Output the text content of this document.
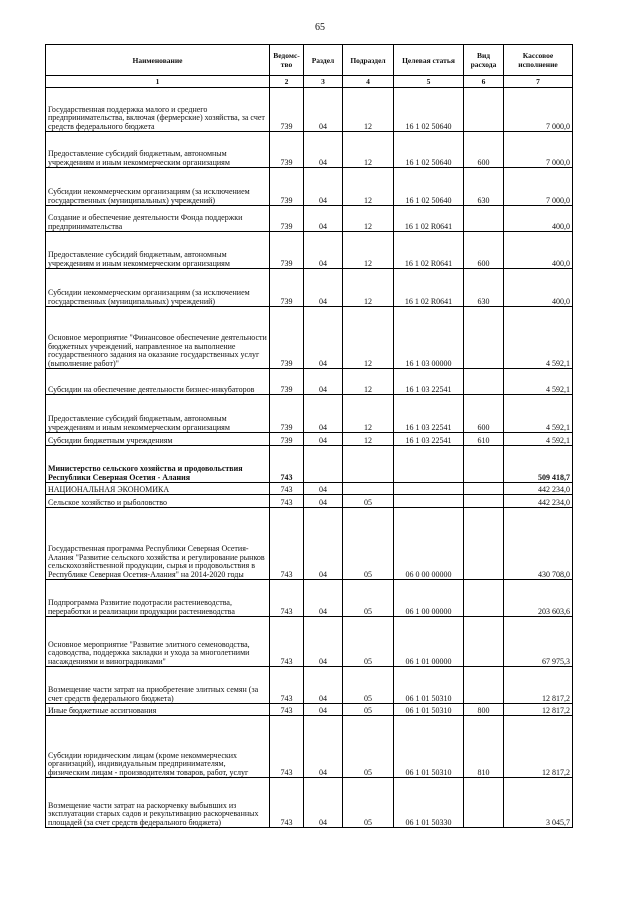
65
Наименование	Ведомс-тво	Раздел	Подраздел	Целевая статья	Вид расхода	Кассовое исполнение
1	2	3	4	5	6	7
Государственная поддержка малого и среднего предпринимательства, включая (фермерские) хозяйства, за счет средств федерального бюджета	739	04	12	16 1 02 50640		7 000,0
Предоставление субсидий бюджетным, автономным учреждениям и иным некоммерческим организациям	739	04	12	16 1 02 50640	600	7 000,0
Субсидии некоммерческим организациям (за исключением государственных (муниципальных) учреждений)	739	04	12	16 1 02 50640	630	7 000,0
Создание и обеспечение деятельности Фонда поддержки предпринимательства	739	04	12	16 1 02 R0641		400,0
Предоставление субсидий бюджетным, автономным учреждениям и иным некоммерческим организациям	739	04	12	16 1 02 R0641	600	400,0
Субсидии некоммерческим организациям (за исключением государственных (муниципальных) учреждений)	739	04	12	16 1 02 R0641	630	400,0
Основное мероприятие "Финансовое обеспечение деятельности бюджетных учреждений, направленное на выполнение государственного задания на оказание государственных услуг (выполнение работ)"	739	04	12	16 1 03 00000		4 592,1
Субсидии на обеспечение деятельности бизнес-инкубаторов	739	04	12	16 1 03 22541		4 592,1
Предоставление субсидий бюджетным, автономным учреждениям и иным некоммерческим организациям	739	04	12	16 1 03 22541	600	4 592,1
Субсидии бюджетным учреждениям	739	04	12	16 1 03 22541	610	4 592,1
Министерство сельского хозяйства и продовольствия Республики Северная Осетия - Алания	743					509 418,7
НАЦИОНАЛЬНАЯ ЭКОНОМИКА	743	04				442 234,0
Сельское хозяйство и рыболовство	743	04	05			442 234,0
Государственная программа Республики Северная Осетия-Алания "Развитие сельского хозяйства и регулирование рынков сельскохозяйственной продукции, сырья и продовольствия в Республике Северная Осетия-Алания" на 2014-2020 годы	743	04	05	06 0 00 00000		430 708,0
Подпрограмма Развитие подотрасли растениеводства, переработки и реализации продукции растениеводства	743	04	05	06 1 00 00000		203 603,6
Основное мероприятие "Развитие элитного семеноводства, садоводства, поддержка закладки и ухода за многолетними насаждениями и виноградниками"	743	04	05	06 1 01 00000		67 975,3
Возмещение части затрат на приобретение элитных семян (за счет средств федерального бюджета)	743	04	05	06 1 01 50310		12 817,2
Иные бюджетные ассигнования	743	04	05	06 1 01 50310	800	12 817,2
Субсидии юридическим лицам (кроме некоммерческих организаций), индивидуальным предпринимателям, физическим лицам - производителям товаров, работ, услуг	743	04	05	06 1 01 50310	810	12 817,2
Возмещение части затрат на раскорчевку выбывших из эксплуатации старых садов и рекультивацию раскорчеванных площадей (за счет средств федерального бюджета)	743	04	05	06 1 01 50330		3 045,7
